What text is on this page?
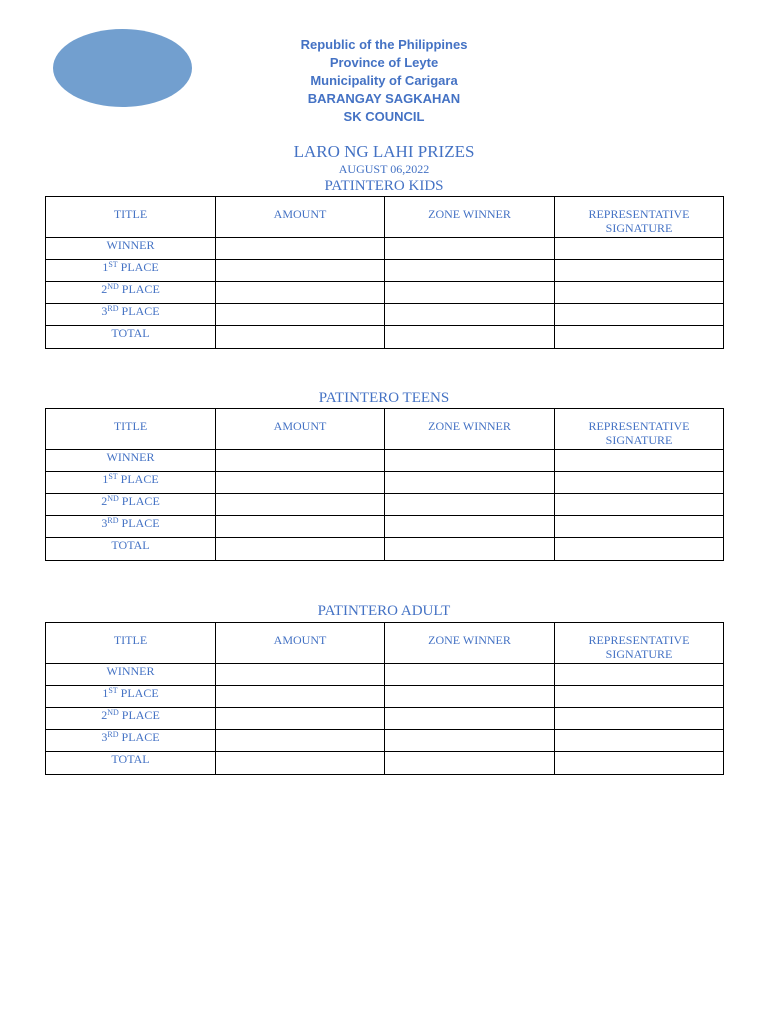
Republic of the Philippines
Province of Leyte
Municipality of Carigara
BARANGAY SAGKAHAN
SK COUNCIL
LARO NG LAHI PRIZES
AUGUST 06,2022
PATINTERO KIDS
TITLE	AMOUNT	ZONE WINNER	REPRESENTATIVE SIGNATURE
WINNER			
1ST PLACE			
2ND PLACE			
3RD PLACE			
TOTAL			
PATINTERO TEENS
TITLE	AMOUNT	ZONE WINNER	REPRESENTATIVE SIGNATURE
WINNER			
1ST PLACE			
2ND PLACE			
3RD PLACE			
TOTAL			
PATINTERO ADULT
TITLE	AMOUNT	ZONE WINNER	REPRESENTATIVE SIGNATURE
WINNER			
1ST PLACE			
2ND PLACE			
3RD PLACE			
TOTAL			
